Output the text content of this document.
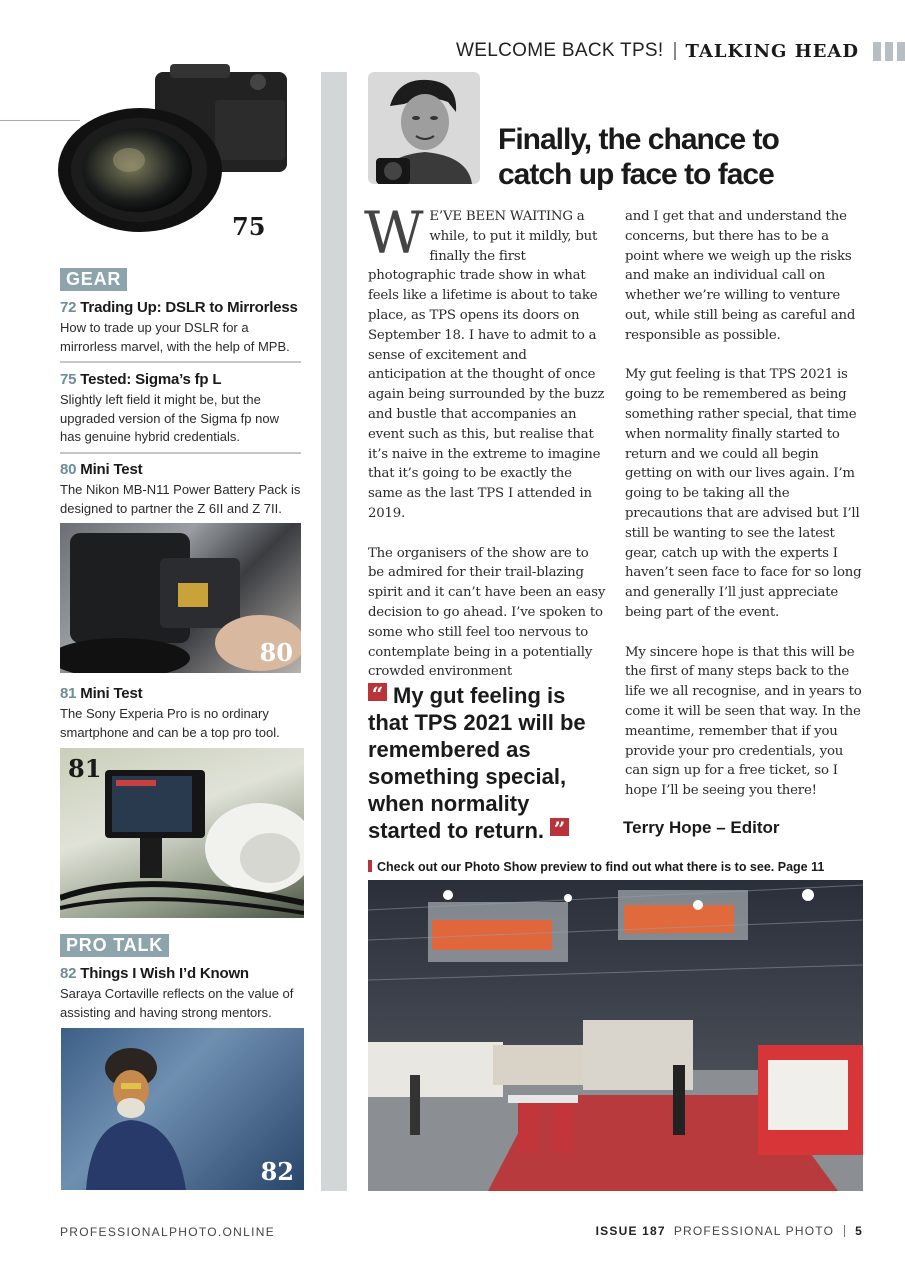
WELCOME BACK TPS! TALKING HEAD
75
GEAR
72 Trading Up: DSLR to Mirrorless
How to trade up your DSLR for a mirrorless marvel, with the help of MPB.
75 Tested: Sigma’s fp L
Slightly left field it might be, but the upgraded version of the Sigma fp now has genuine hybrid credentials.
80 Mini Test
The Nikon MB-N11 Power Battery Pack is designed to partner the Z 6II and Z 7II.
80
81 Mini Test
The Sony Experia Pro is no ordinary smartphone and can be a top pro tool.
81
PRO TALK
82 Things I Wish I’d Known
Saraya Cortaville reflects on the value of assisting and having strong mentors.
82
Finally, the chance to catch up face to face

W E’VE BEEN WAITING a while, to put it mildly, but finally the first photographic trade show in what feels like a lifetime is about to take place, as TPS opens its doors on September 18. I have to admit to a sense of excitement and anticipation at the thought of once again being surrounded by the buzz and bustle that accompanies an event such as this, but realise that it’s naive in the extreme to imagine that it’s going to be exactly the same as the last TPS I attended in 2019.

The organisers of the show are to be admired for their trail-blazing spirit and it can’t have been an easy decision to go ahead. I’ve spoken to some who still feel too nervous to contemplate being in a potentially crowded environment

“ My gut feeling is that TPS 2021 will be remembered as something special, when normality started to return. ”

and I get that and understand the concerns, but there has to be a point where we weigh up the risks and make an individual call on whether we’re willing to venture out, while still being as careful and responsible as possible.

My gut feeling is that TPS 2021 is going to be remembered as being something rather special, that time when normality finally started to return and we could all begin getting on with our lives again. I’m going to be taking all the precautions that are advised but I’ll still be wanting to see the latest gear, catch up with the experts I haven’t seen face to face for so long and generally I’ll just appreciate being part of the event.

My sincere hope is that this will be the first of many steps back to the life we all recognise, and in years to come it will be seen that way. In the meantime, remember that if you provide your pro credentials, you can sign up for a free ticket, so I hope I’ll be seeing you there!

Terry Hope – Editor
Check out our Photo Show preview to find out what there is to see. Page 11
PROFESSIONALPHOTO.ONLINE	ISSUE 187 PROFESSIONAL PHOTO 5
